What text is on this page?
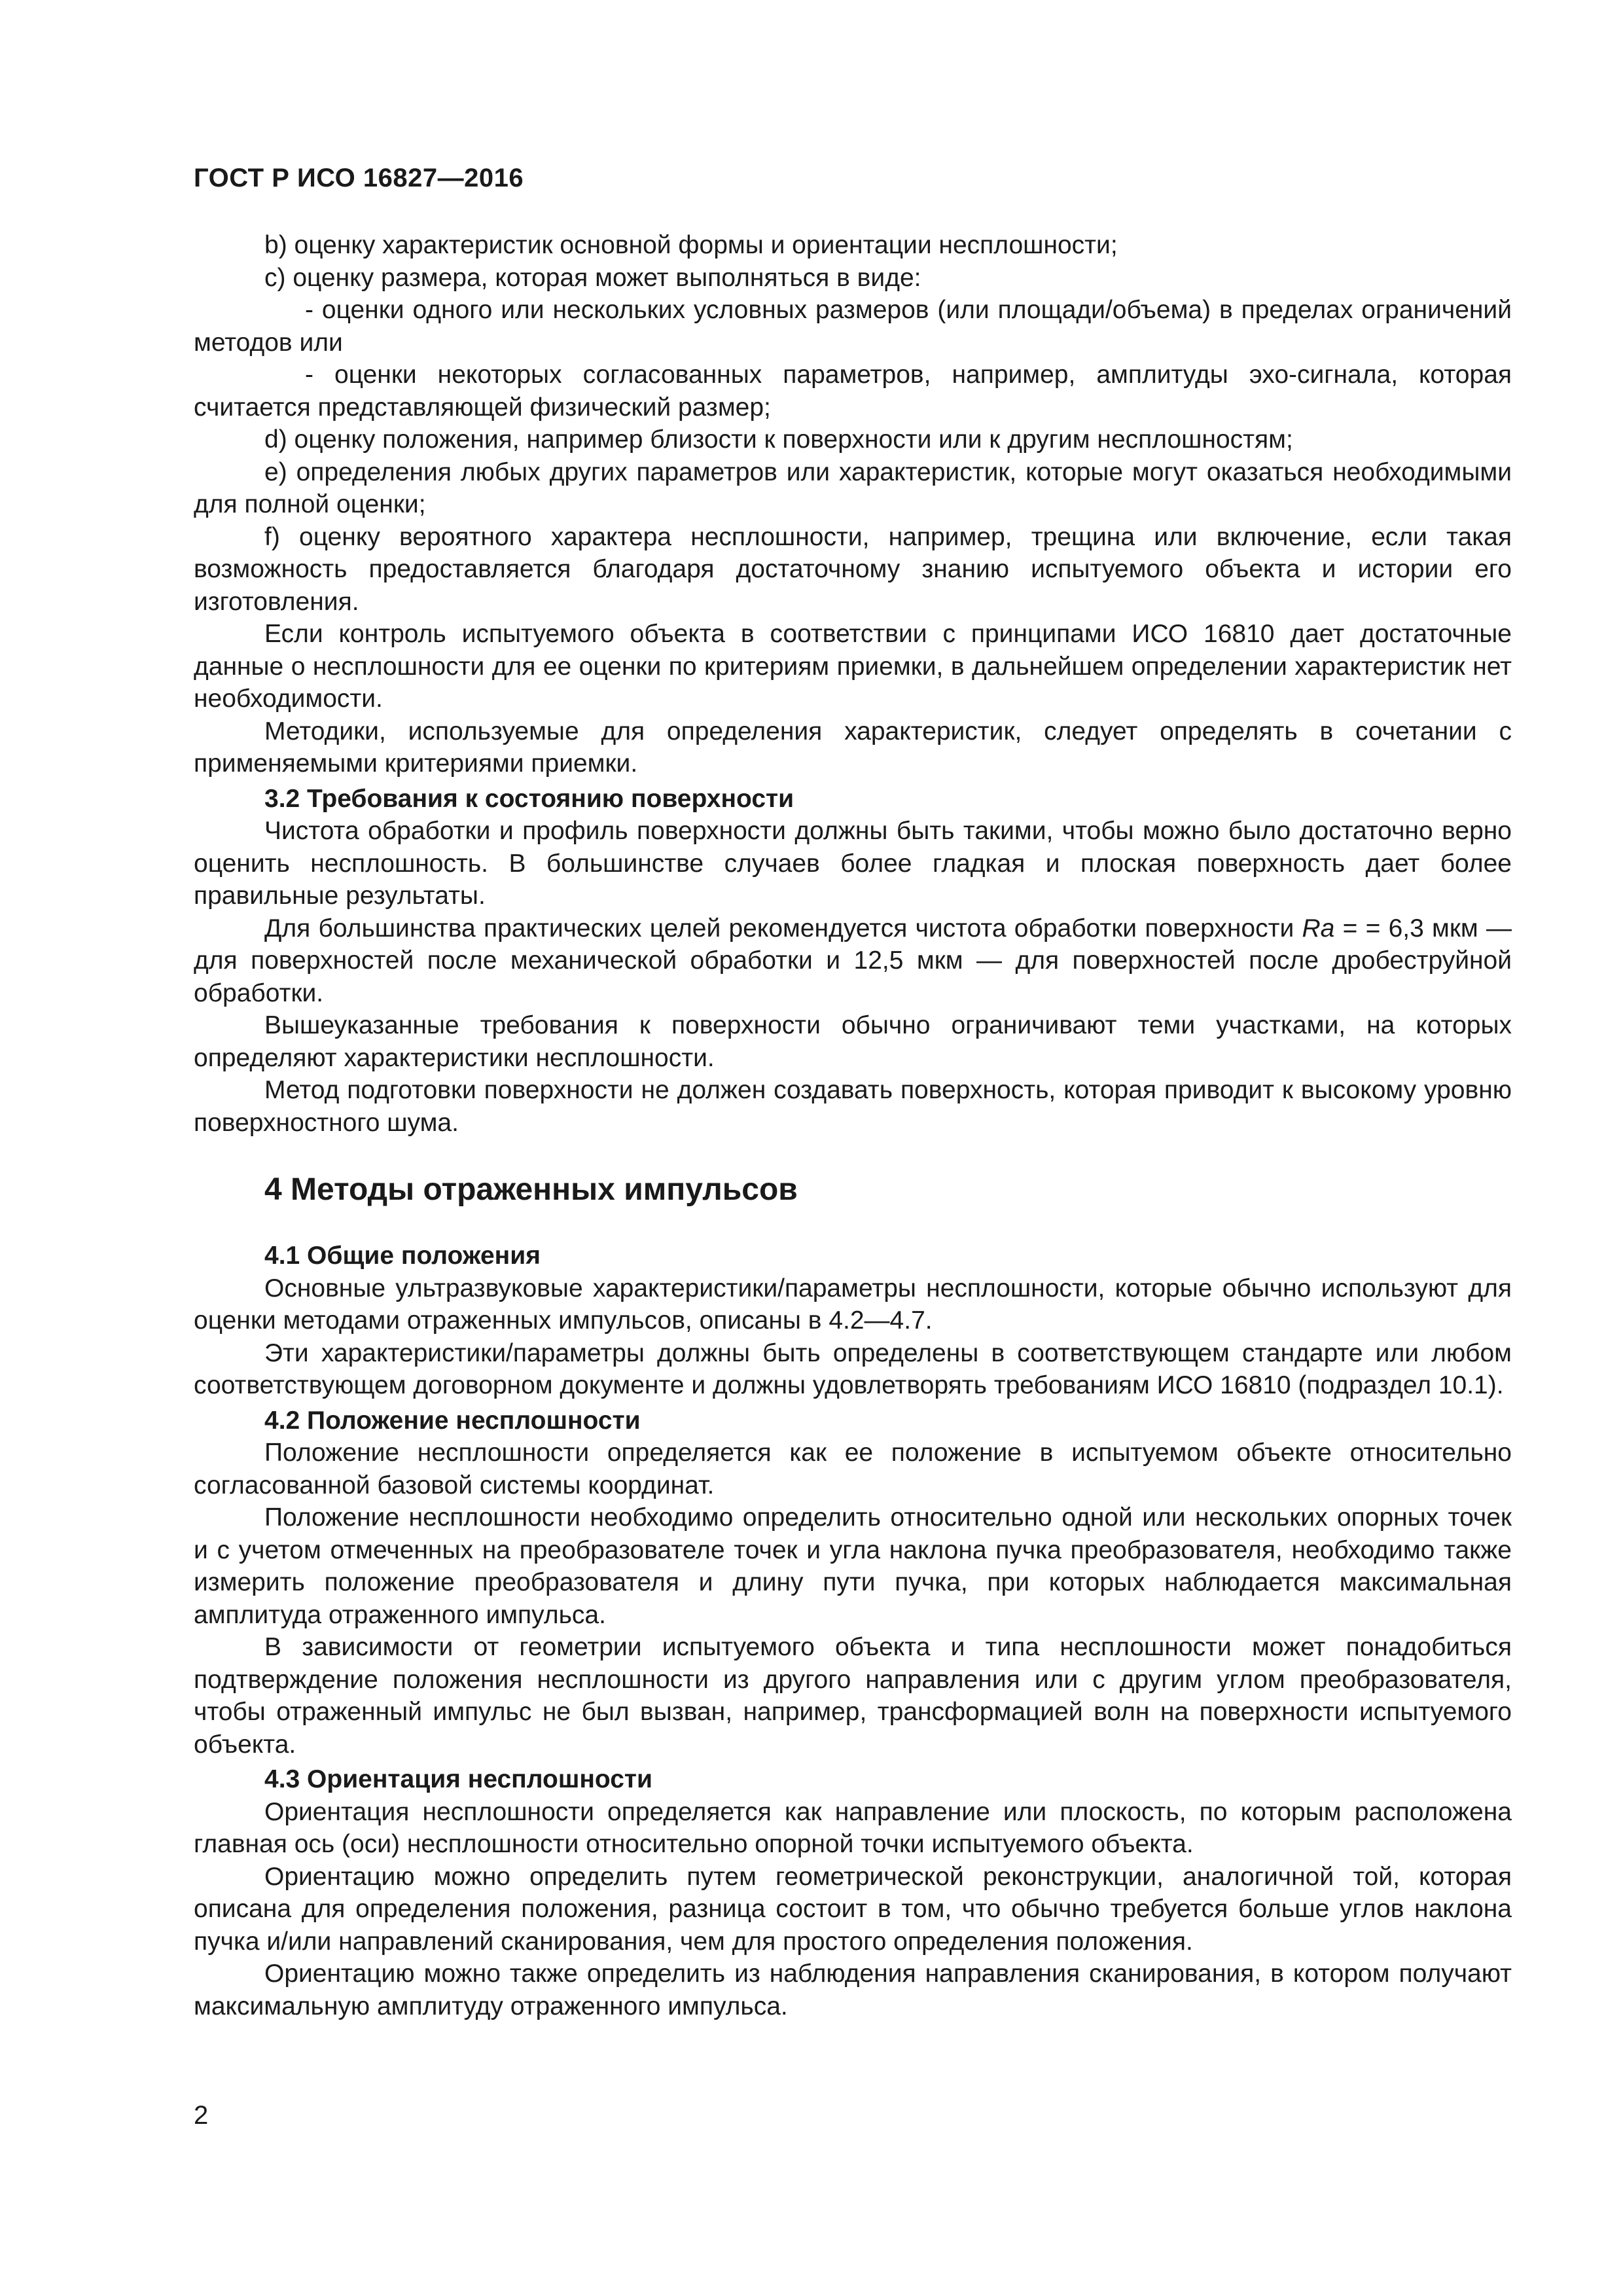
ГОСТ Р ИСО 16827—2016

b) оценку характеристик основной формы и ориентации несплошности;

c) оценку размера, которая может выполняться в виде:

- оценки одного или нескольких условных размеров (или площади/объема) в пределах ограничений методов или

- оценки некоторых согласованных параметров, например, амплитуды эхо-сигнала, которая считается представляющей физический размер;

d) оценку положения, например близости к поверхности или к другим несплошностям;

e) определения любых других параметров или характеристик, которые могут оказаться необходимыми для полной оценки;

f) оценку вероятного характера несплошности, например, трещина или включение, если такая возможность предоставляется благодаря достаточному знанию испытуемого объекта и истории его изготовления.

Если контроль испытуемого объекта в соответствии с принципами ИСО 16810 дает достаточные данные о несплошности для ее оценки по критериям приемки, в дальнейшем определении характеристик нет необходимости.

Методики, используемые для определения характеристик, следует определять в сочетании с применяемыми критериями приемки.

3.2 Требования к состоянию поверхности

Чистота обработки и профиль поверхности должны быть такими, чтобы можно было достаточно верно оценить несплошность. В большинстве случаев более гладкая и плоская поверхность дает более правильные результаты.

Для большинства практических целей рекомендуется чистота обработки поверхности Ra = = 6,3 мкм — для поверхностей после механической обработки и 12,5 мкм — для поверхностей после дробеструйной обработки.

Вышеуказанные требования к поверхности обычно ограничивают теми участками, на которых определяют характеристики несплошности.

Метод подготовки поверхности не должен создавать поверхность, которая приводит к высокому уровню поверхностного шума.

4 Методы отраженных импульсов
4.1 Общие положения

Основные ультразвуковые характеристики/параметры несплошности, которые обычно используют для оценки методами отраженных импульсов, описаны в 4.2—4.7.

Эти характеристики/параметры должны быть определены в соответствующем стандарте или любом соответствующем договорном документе и должны удовлетворять требованиям ИСО 16810 (подраздел 10.1).

4.2 Положение несплошности

Положение несплошности определяется как ее положение в испытуемом объекте относительно согласованной базовой системы координат.

Положение несплошности необходимо определить относительно одной или нескольких опорных точек и с учетом отмеченных на преобразователе точек и угла наклона пучка преобразователя, необходимо также измерить положение преобразователя и длину пути пучка, при которых наблюдается максимальная амплитуда отраженного импульса.

В зависимости от геометрии испытуемого объекта и типа несплошности может понадобиться подтверждение положения несплошности из другого направления или с другим углом преобразователя, чтобы отраженный импульс не был вызван, например, трансформацией волн на поверхности испытуемого объекта.

4.3 Ориентация несплошности

Ориентация несплошности определяется как направление или плоскость, по которым расположена главная ось (оси) несплошности относительно опорной точки испытуемого объекта.

Ориентацию можно определить путем геометрической реконструкции, аналогичной той, которая описана для определения положения, разница состоит в том, что обычно требуется больше углов наклона пучка и/или направлений сканирования, чем для простого определения положения.

Ориентацию можно также определить из наблюдения направления сканирования, в котором получают максимальную амплитуду отраженного импульса.

2
